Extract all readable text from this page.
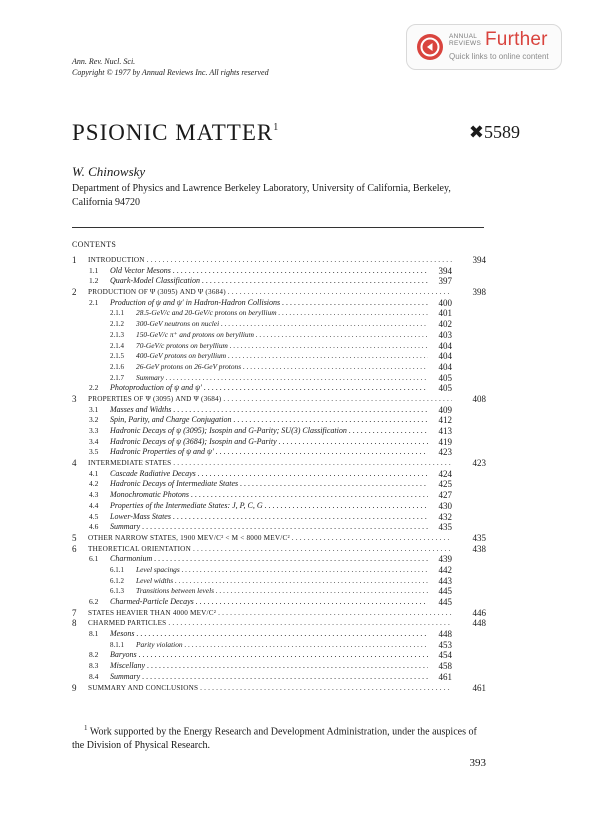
Ann. Rev. Nucl. Sci.
Copyright © 1977 by Annual Reviews Inc. All rights reserved
ANNUAL
REVIEWS Further
Quick links to online content
PSIONIC MATTER$^1$	✖5589
W. Chinowsky
Department of Physics and Lawrence Berkeley Laboratory, University of California, Berkeley, California 94720
CONTENTS
1 INTRODUCTION . . .	394
1.1 Old Vector Mesons . . .	394
1.2 Quark-Model Classification . . .	397
2 PRODUCTION OF Ψ (3095) AND Ψ (3684) . . .	398
2.1 Production of ψ and ψ′ in Hadron-Hadron Collisions . . .	400
2.1.1 28.5-GeV/c and 20-GeV/c protons on beryllium . . .	401
2.1.2 300-GeV neutrons on nuclei . . .	402
2.1.3 150-GeV/c π⁺ and protons on beryllium . . .	403
2.1.4 70-GeV/c protons on beryllium . . .	404
2.1.5 400-GeV protons on beryllium . . .	404
2.1.6 26-GeV protons on 26-GeV protons . . .	404
2.1.7 Summary . . .	405
2.2 Photoproduction of ψ and ψ′ . . .	405
3 PROPERTIES OF Ψ (3095) AND Ψ (3684) . . .	408
3.1 Masses and Widths . . .	409
3.2 Spin, Parity, and Charge Conjugation . . .	412
3.3 Hadronic Decays of ψ (3095); Isospin and G-Parity; SU(3) Classification . . .	413
3.4 Hadronic Decays of ψ (3684); Isospin and G-Parity . . .	419
3.5 Hadronic Properties of ψ and ψ′ . . .	423
4 INTERMEDIATE STATES . . .	423
4.1 Cascade Radiative Decays . . .	424
4.2 Hadronic Decays of Intermediate States . . .	425
4.3 Monochromatic Photons . . .	427
4.4 Properties of the Intermediate States: J, P, C, G . . .	430
4.5 Lower-Mass States . . .	432
4.6 Summary . . .	435
5 OTHER NARROW STATES, 1900 MEV/C² < M < 8000 MEV/C² . . .	435
6 THEORETICAL ORIENTATION . . .	438
6.1 Charmonium . . .	439
6.1.1 Level spacings . . .	442
6.1.2 Level widths . . .	443
6.1.3 Transitions between levels . . .	445
6.2 Charmed-Particle Decays . . .	445
7 STATES HEAVIER THAN 4000 MEV/C² . . .	446
8 CHARMED PARTICLES . . .	448
8.1 Mesons . . .	448
8.1.1 Parity violation . . .	453
8.2 Baryons . . .	454
8.3 Miscellany . . .	458
8.4 Summary . . .	461
9 SUMMARY AND CONCLUSIONS . . .	461
$^1$ Work supported by the Energy Research and Development Administration, under the auspices of the Division of Physical Research.
393
